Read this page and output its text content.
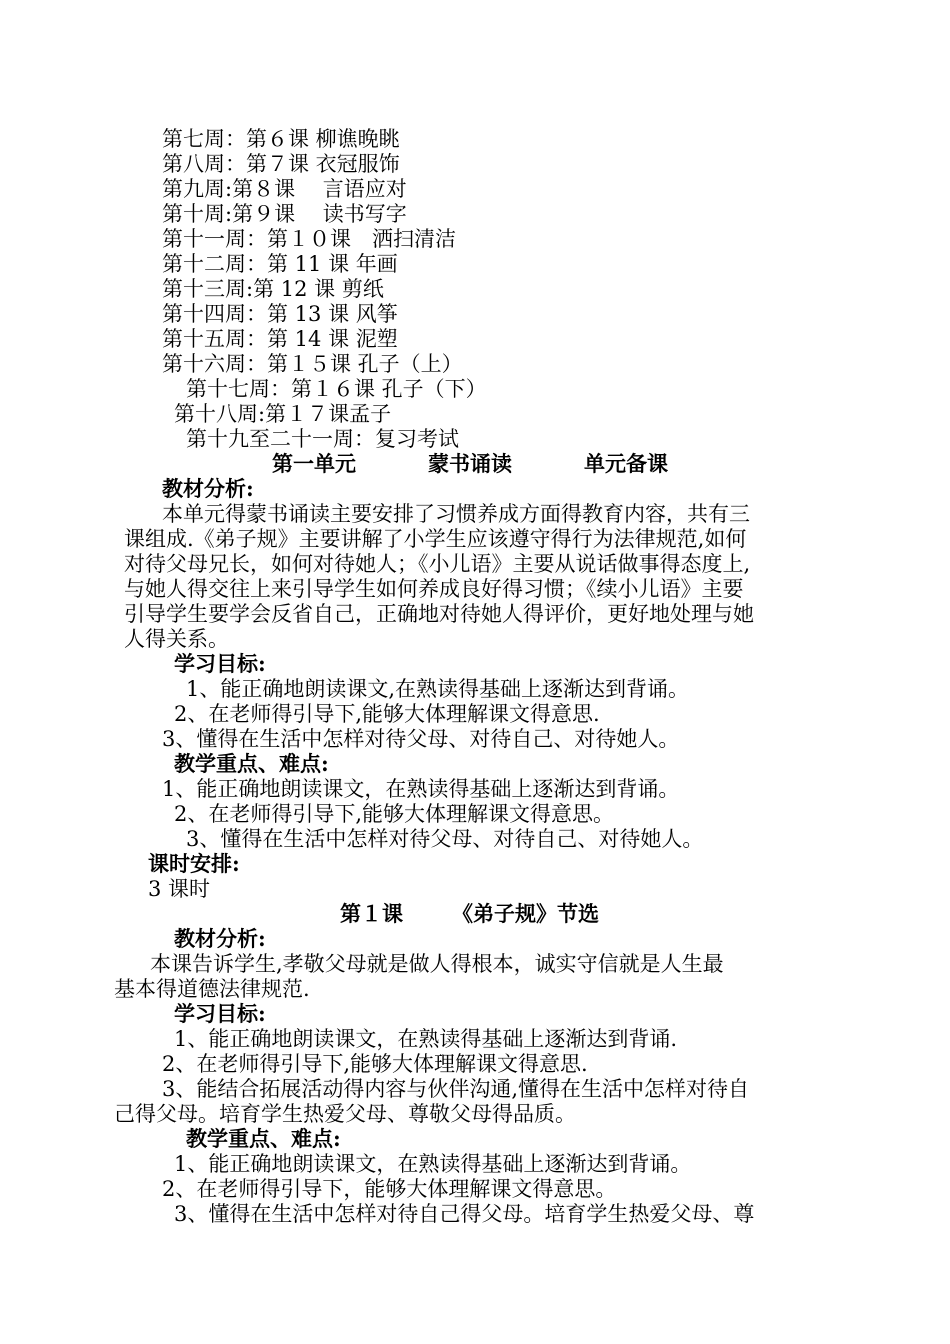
第七周：第６课 柳谯晚眺
第八周：第７课 衣冠服饰
第九周:第８课　 言语应对
第十周:第９课　 读书写字
第十一周：第１０课　洒扫清洁
第十二周：第 11 课 年画
第十三周:第 12 课 剪纸
第十四周：第 13 课 风筝
第十五周：第 14 课 泥塑
第十六周：第１５课 孔子（上）
第十七周：第１６课 孔子（下）
第十八周:第１７课孟子
第十九至二十一周：复习考试
第一单元	蒙书诵读	单元备课
教材分析:
本单元得蒙书诵读主要安排了习惯养成方面得教育内容，共有三
课组成.《弟子规》主要讲解了小学生应该遵守得行为法律规范,如何
对待父母兄长，如何对待她人；《小儿语》主要从说话做事得态度上,
与她人得交往上来引导学生如何养成良好得习惯；《续小儿语》主要
引导学生要学会反省自己，正确地对待她人得评价，更好地处理与她
人得关系。
学习目标:
1、能正确地朗读课文,在熟读得基础上逐渐达到背诵。
2、在老师得引导下,能够大体理解课文得意思.
3、懂得在生活中怎样对待父母、对待自己、对待她人。
教学重点、难点:
1、能正确地朗读课文，在熟读得基础上逐渐达到背诵。
2、在老师得引导下,能够大体理解课文得意思。
3、懂得在生活中怎样对待父母、对待自己、对待她人。
课时安排:
3 课时
第１课 《弟子规》节选
教材分析:
本课告诉学生,孝敬父母就是做人得根本，诚实守信就是人生最
基本得道德法律规范.
学习目标:
1、能正确地朗读课文，在熟读得基础上逐渐达到背诵.
2、在老师得引导下,能够大体理解课文得意思.
3、能结合拓展活动得内容与伙伴沟通,懂得在生活中怎样对待自
己得父母。培育学生热爱父母、尊敬父母得品质。
教学重点、难点:
1、能正确地朗读课文，在熟读得基础上逐渐达到背诵。
2、在老师得引导下，能够大体理解课文得意思。
3、懂得在生活中怎样对待自己得父母。培育学生热爱父母、尊
